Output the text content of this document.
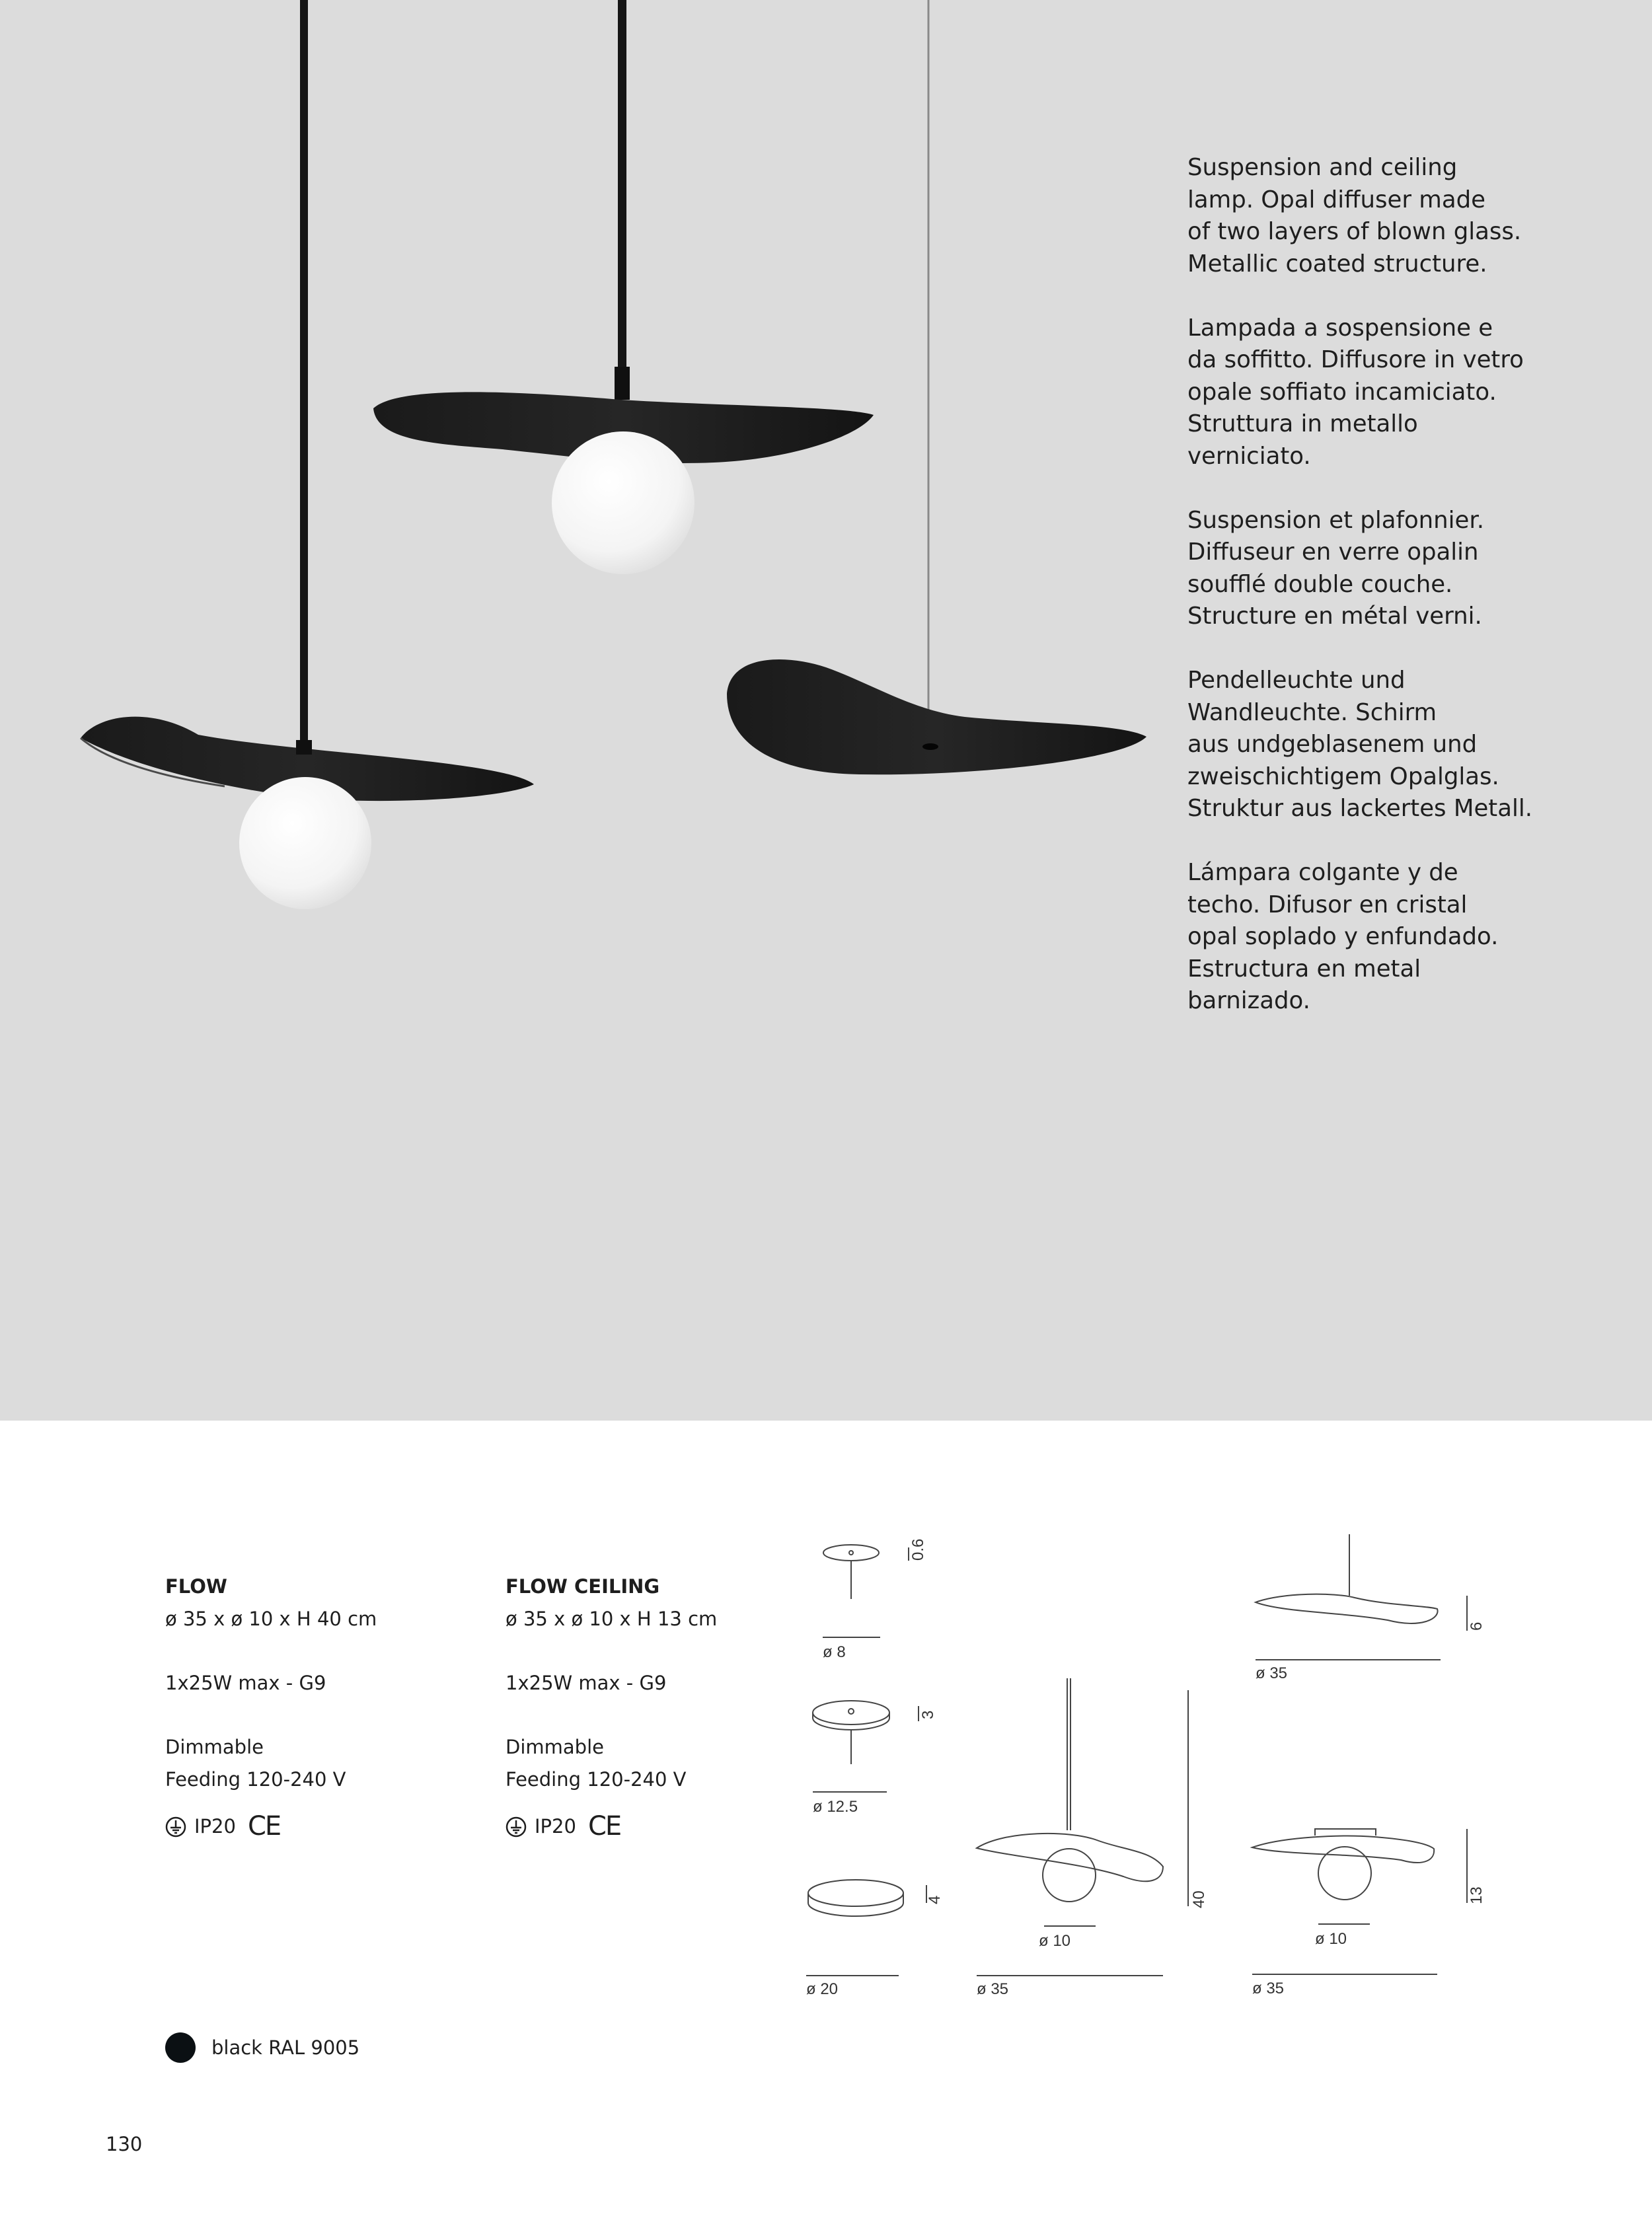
Suspension and ceiling
lamp. Opal diffuser made
of two layers of blown glass.
Metallic coated structure.

Lampada a sospensione e
da soffitto. Diffusore in vetro
opale soffiato incamiciato.
Struttura in metallo
verniciato.

Suspension et plafonnier.
Diffuseur en verre opalin
soufflé double couche.
Structure en métal verni.

Pendelleuchte und
Wandleuchte. Schirm
aus undgeblasenem und
zweischichtigem Opalglas.
Struktur aus lackertes Metall.

Lámpara colgante y de
techo. Difusor en cristal
opal soplado y enfundado.
Estructura en metal
barnizado.

FLOW
ø 35 x ø 10 x H 40 cm
1x25W max - G9
Dimmable
Feeding 120-240 V
IP20 CE
FLOW CEILING
ø 35 x ø 10 x H 13 cm
1x25W max - G9
Dimmable
Feeding 120-240 V
IP20 CE
ø 8
0.6
ø 12.5
3
ø 20
4
ø 10
ø 35
40
ø 35
6
ø 10
ø 35
13
black RAL 9005
130
